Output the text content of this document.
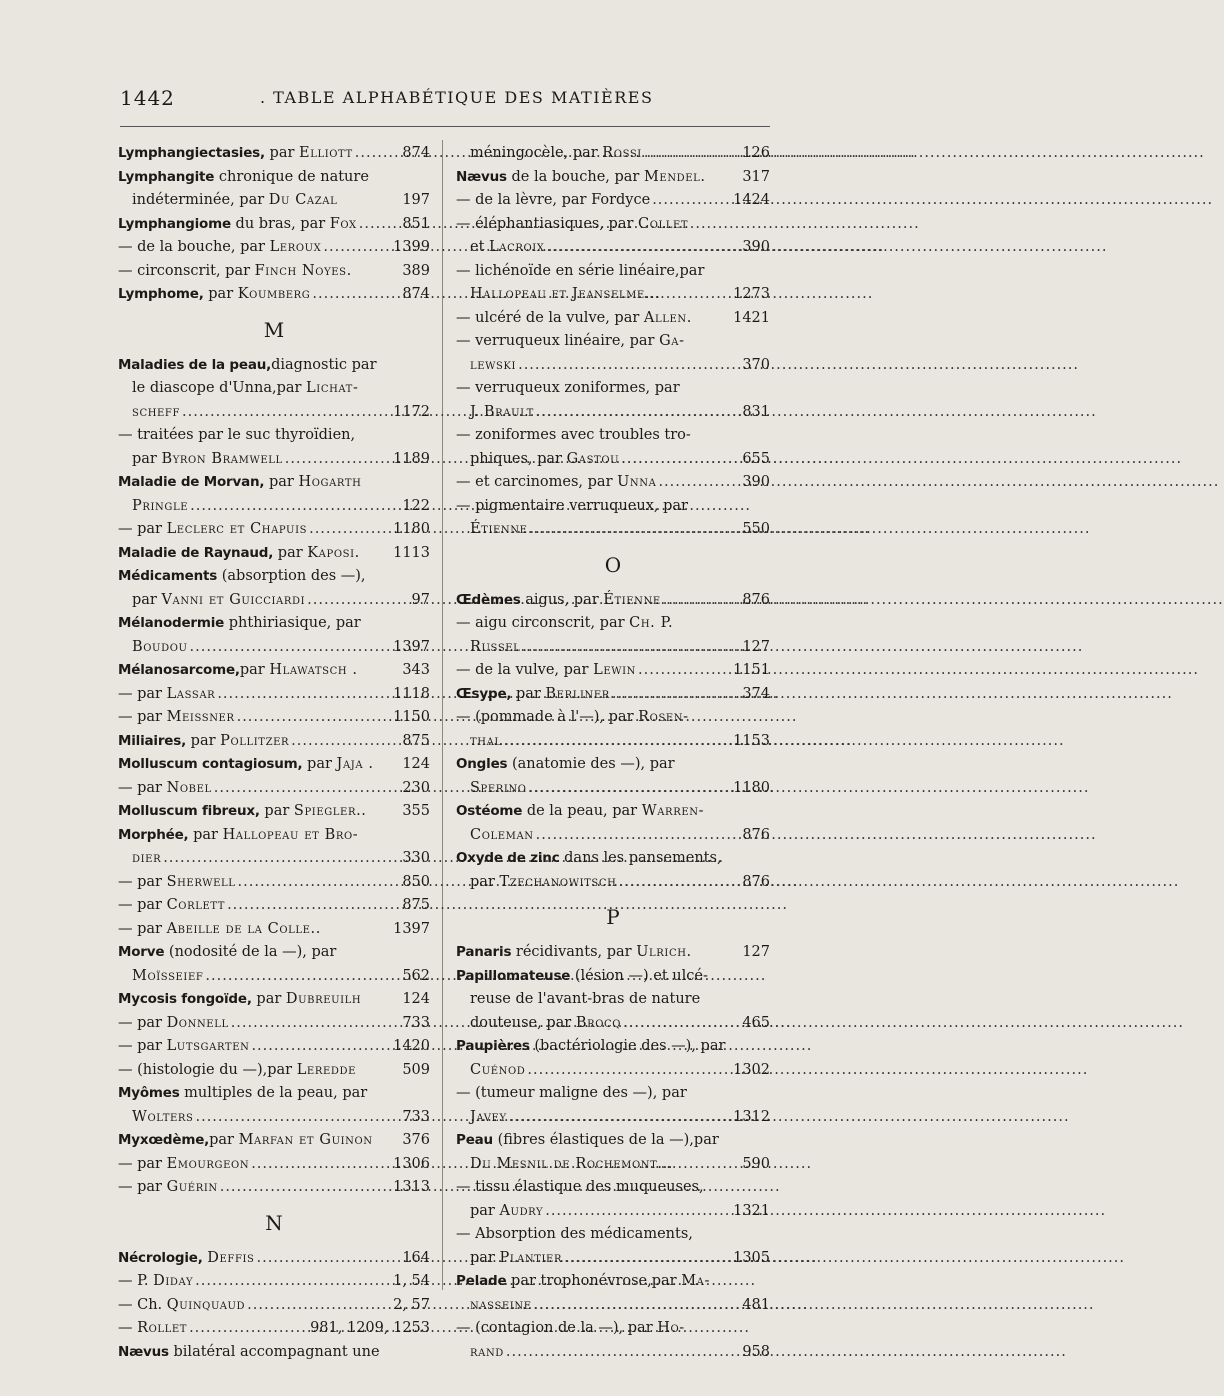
1442	. TABLE ALPHABÉTIQUE DES MATIÈRES
Lymphangiectasies, par Elliott .....	874
Lymphangite chronique de nature
indéterminée, par Du Cazal	197
Lymphangiome du bras, par Fox .....	851
— de la bouche, par Leroux .....	1399
— circonscrit, par Finch Noyes.	389
Lymphome, par Koumberg .....	874
M
Maladies de la peau,diagnostic par
le diascope d'Unna,par Lichat-
scheff .....	1172
— traitées par le suc thyroïdien,
par Byron Bramwell .....	1189
Maladie de Morvan, par Hogarth
Pringle .....	122
— par Leclerc et Chapuis .....	1180
Maladie de Raynaud, par Kaposi. 1113
Médicaments (absorption des —),
par Vanni et Guicciardi .....	97
Mélanodermie phthiriasique, par
Boudou .....	1397
Mélanosarcome,par Hlawatsch .	343
— par Lassar .....	1118
— par Meissner .....	1150
Miliaires, par Pollitzer .....	875
Molluscum contagiosum, par Jaja . 124
— par Nobel .....	230
Molluscum fibreux, par Spiegler.. 355
Morphée, par Hallopeau et Bro-
dier .....	330
— par Sherwell .....	850
— par Corlett .....	875
— par Abeille de la Colle..	1397
Morve (nodosité de la —), par
Moïsseief .....	562
Mycosis fongoïde, par Dubreuilh	124
— par Donnell .....	733
— par Lutsgarten .....	1420
— (histologie du —),par Leredde	509
Myômes multiples de la peau, par
Wolters .....	733
Myxœdème,par Marfan et Guinon 376
— par Emourgeon .....	1306
— par Guérin .....	1313
N
Nécrologie, Deffis .....	164
— P. Diday .....	1, 54
— Ch. Quinquaud .....	2, 57
— Rollet .....	981, 1209, 1253
Nævus bilatéral accompagnant une
méningocèle, par Rossi .....	126
Nævus de la bouche, par Mendel.	317
— de la lèvre, par Fordyce .....	1424
— éléphantiasiques, par Collet
et Lacroix .....	390
— lichénoïde en série linéaire,par
Hallopeau et Jeanselme...	1273
— ulcéré de la vulve, par Allen.	1421
— verruqueux linéaire, par Ga-
lewski .....	370
— verruqueux zoniformes, par
J. Brault .....	831
— zoniformes avec troubles tro-
phiques, par Gastou .....	655
— et carcinomes, par Unna .....	390
— pigmentaire verruqueux, par
Étienne .....	550
O
Œdèmes aigus, par Étienne .....	876
— aigu circonscrit, par Ch. P.
Russel .....	127
— de la vulve, par Lewin .....	1151
Œsype, par Berliner .....	374
— (pommade à l'—), par Rosen-
thal .....	1153
Ongles (anatomie des —), par
Sperino .....	1180
Ostéome de la peau, par Warren-
Coleman .....	876
Oxyde de zinc dans les pansements,
par Tzechanowitsch .....	876
P
Panaris récidivants, par Ulrich.	127
Papillomateuse (lésion —) et ulcé-
reuse de l'avant-bras de nature
douteuse, par Brocq .....	465
Paupières (bactériologie des —), par
Cuénod .....	1302
— (tumeur maligne des —), par
Javey .....	1312
Peau (fibres élastiques de la —),par
Du Mesnil de Rochemont...	590
— tissu élastique des muqueuses,
par Audry .....	1321
— Absorption des médicaments,
par Plantier .....	1305
Pelade par trophonévrose,par Ma-
nasseine .....	481
— (contagion de la —), par Ho-
rand .....	958
